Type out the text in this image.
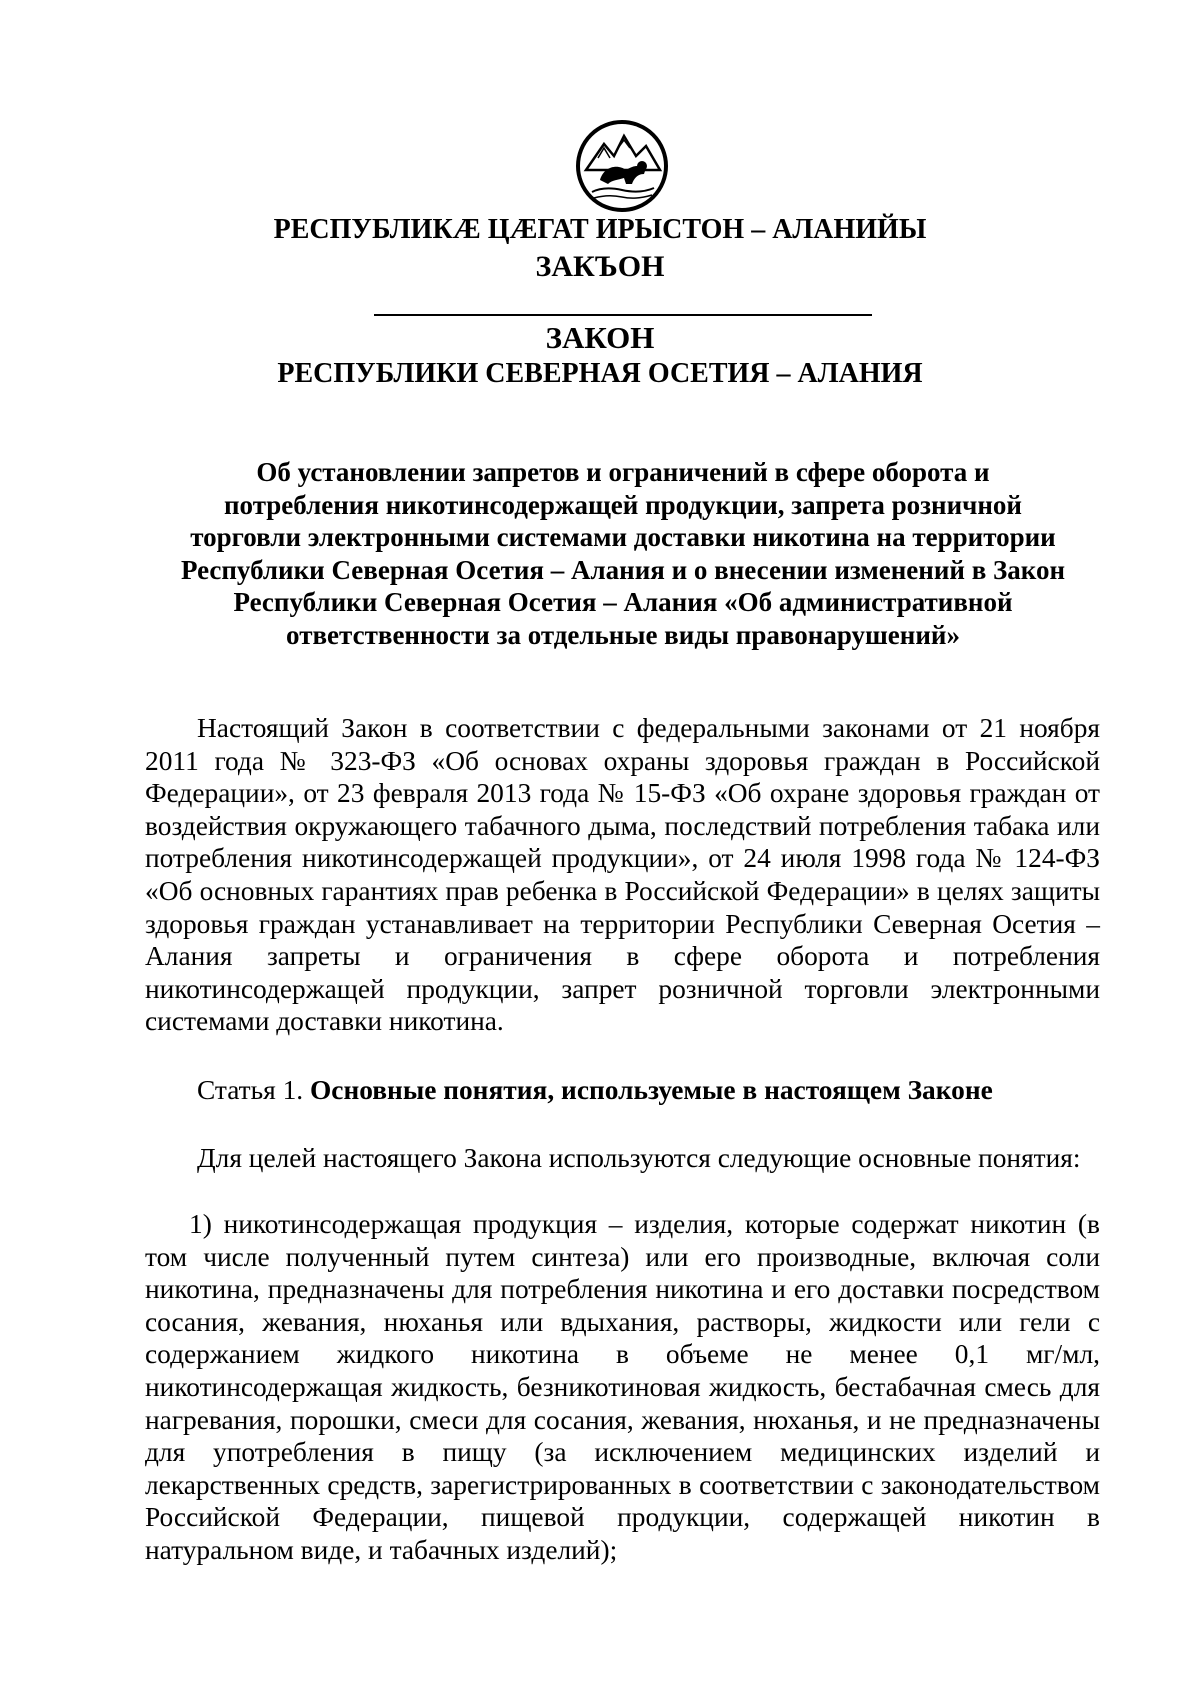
РЕСПУБЛИКÆ ЦÆГАТ ИРЫСТОН – АЛАНИЙЫ
ЗАКЪОН
ЗАКОН
РЕСПУБЛИКИ СЕВЕРНАЯ ОСЕТИЯ – АЛАНИЯ
Об установлении запретов и ограничений в сфере оборота и
потребления никотинсодержащей продукции, запрета розничной
торговли электронными системами доставки никотина на территории
Республики Северная Осетия – Алания и о внесении изменений в Закон
Республики Северная Осетия – Алания «Об административной
ответственности за отдельные виды правонарушений»

Настоящий Закон в соответствии с федеральными законами от 21 ноября 2011 года № 323-ФЗ «Об основах охраны здоровья граждан в Российской Федерации», от 23 февраля 2013 года № 15-ФЗ «Об охране здоровья граждан от воздействия окружающего табачного дыма, последствий потребления табака или потребления никотинсодержащей продукции», от 24 июля 1998 года № 124-ФЗ «Об основных гарантиях прав ребенка в Российской Федерации» в целях защиты здоровья граждан устанавливает на территории Республики Северная Осетия – Алания запреты и ограничения в сфере оборота и потребления никотинсодержащей продукции, запрет розничной торговли электронными системами доставки никотина.

Статья 1. Основные понятия, используемые в настоящем Законе

Для целей настоящего Закона используются следующие основные понятия:

1) никотинсодержащая продукция – изделия, которые содержат никотин (в том числе полученный путем синтеза) или его производные, включая соли никотина, предназначены для потребления никотина и его доставки посредством сосания, жевания, нюханья или вдыхания, растворы, жидкости или гели с содержанием жидкого никотина в объеме не менее 0,1 мг/мл, никотинсодержащая жидкость, безникотиновая жидкость, бестабачная смесь для нагревания, порошки, смеси для сосания, жевания, нюханья, и не предназначены для употребления в пищу (за исключением медицинских изделий и лекарственных средств, зарегистрированных в соответствии с законодательством Российской Федерации, пищевой продукции, содержащей никотин в натуральном виде, и табачных изделий);
